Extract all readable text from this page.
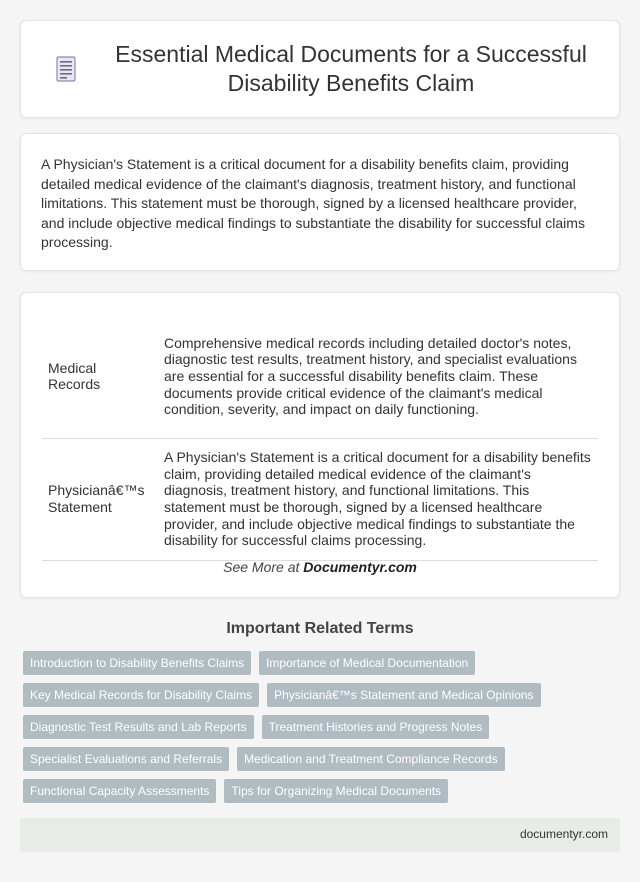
Essential Medical Documents for a Successful Disability Benefits Claim

A Physician's Statement is a critical document for a disability benefits claim, providing detailed medical evidence of the claimant's diagnosis, treatment history, and functional limitations. This statement must be thorough, signed by a licensed healthcare provider, and include objective medical findings to substantiate the disability for successful claims processing.

Medical Records	Comprehensive medical records including detailed doctor's notes, diagnostic test results, treatment history, and specialist evaluations are essential for a successful disability benefits claim. These documents provide critical evidence of the claimant's medical condition, severity, and impact on daily functioning.
Physicianâ€™s Statement	A Physician's Statement is a critical document for a disability benefits claim, providing detailed medical evidence of the claimant's diagnosis, treatment history, and functional limitations. This statement must be thorough, signed by a licensed healthcare provider, and include objective medical findings to substantiate the disability for successful claims processing.
See More at Documentyr.com
Important Related Terms
Introduction to Disability Benefits Claims	Importance of Medical Documentation
Key Medical Records for Disability Claims	Physicianâ€™s Statement and Medical Opinions
Diagnostic Test Results and Lab Reports	Treatment Histories and Progress Notes
Specialist Evaluations and Referrals	Medication and Treatment Compliance Records
Functional Capacity Assessments	Tips for Organizing Medical Documents
documentyr.com
